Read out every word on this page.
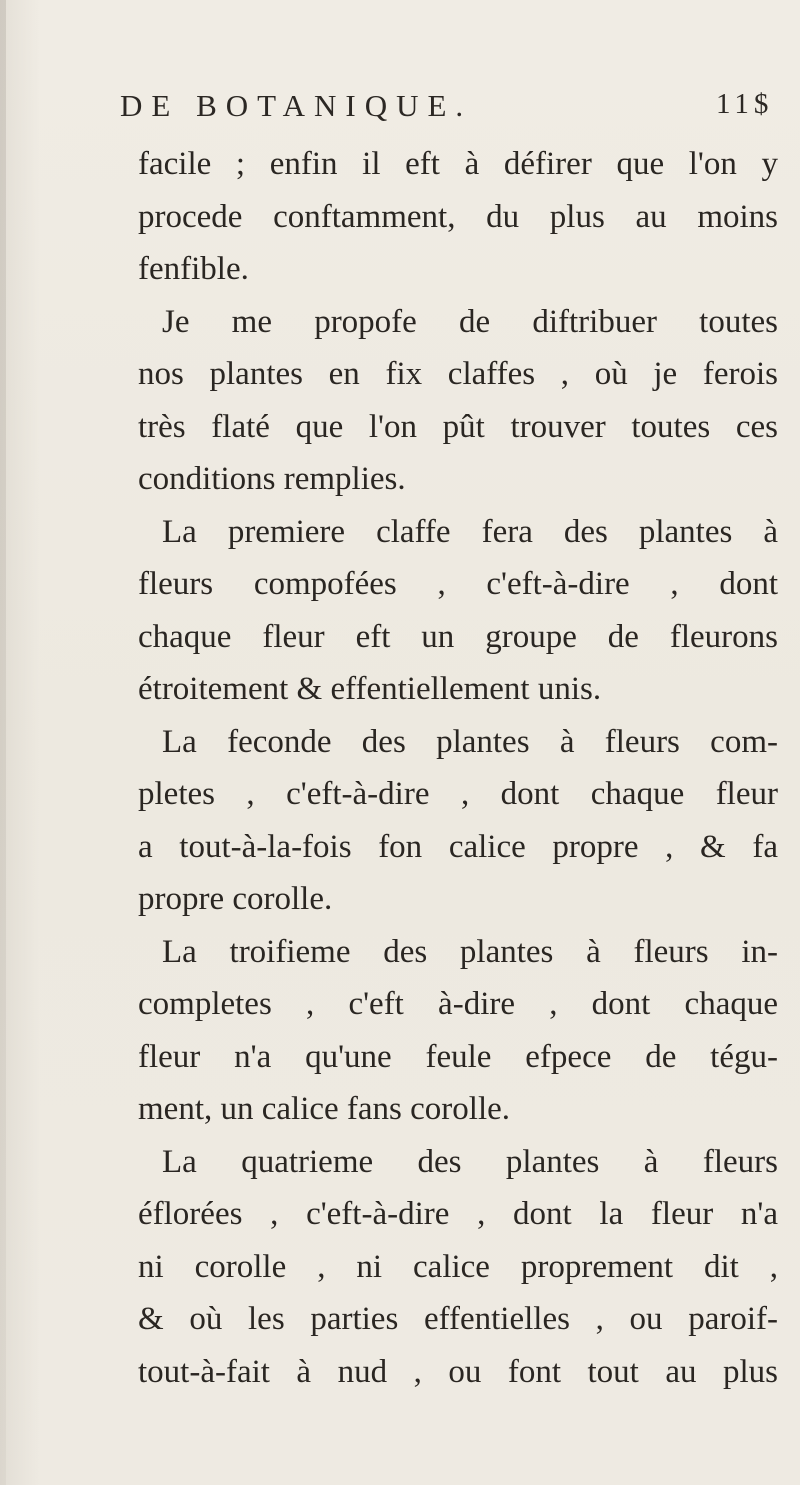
DE BOTANIQUE.	11$
facile ; enfin il eft à défirer que l'on y
procede conftamment, du plus au moins
fenfible.
Je me propofe de diftribuer toutes
nos plantes en fix claffes , où je ferois
très flaté que l'on pût trouver toutes ces
conditions remplies.
La premiere claffe fera des plantes à
fleurs compofées , c'eft-à-dire , dont
chaque fleur eft un groupe de fleurons
étroitement & effentiellement unis.
La feconde des plantes à fleurs com-
pletes , c'eft-à-dire , dont chaque fleur
a tout-à-la-fois fon calice propre , & fa
propre corolle.
La troifieme des plantes à fleurs in-
completes , c'eft à-dire , dont chaque
fleur n'a qu'une feule efpece de tégu-
ment, un calice fans corolle.
La quatrieme des plantes à fleurs
éflorées , c'eft-à-dire , dont la fleur n'a
ni corolle , ni calice proprement dit ,
& où les parties effentielles , ou paroif-
tout-à-fait à nud , ou font tout au plus
